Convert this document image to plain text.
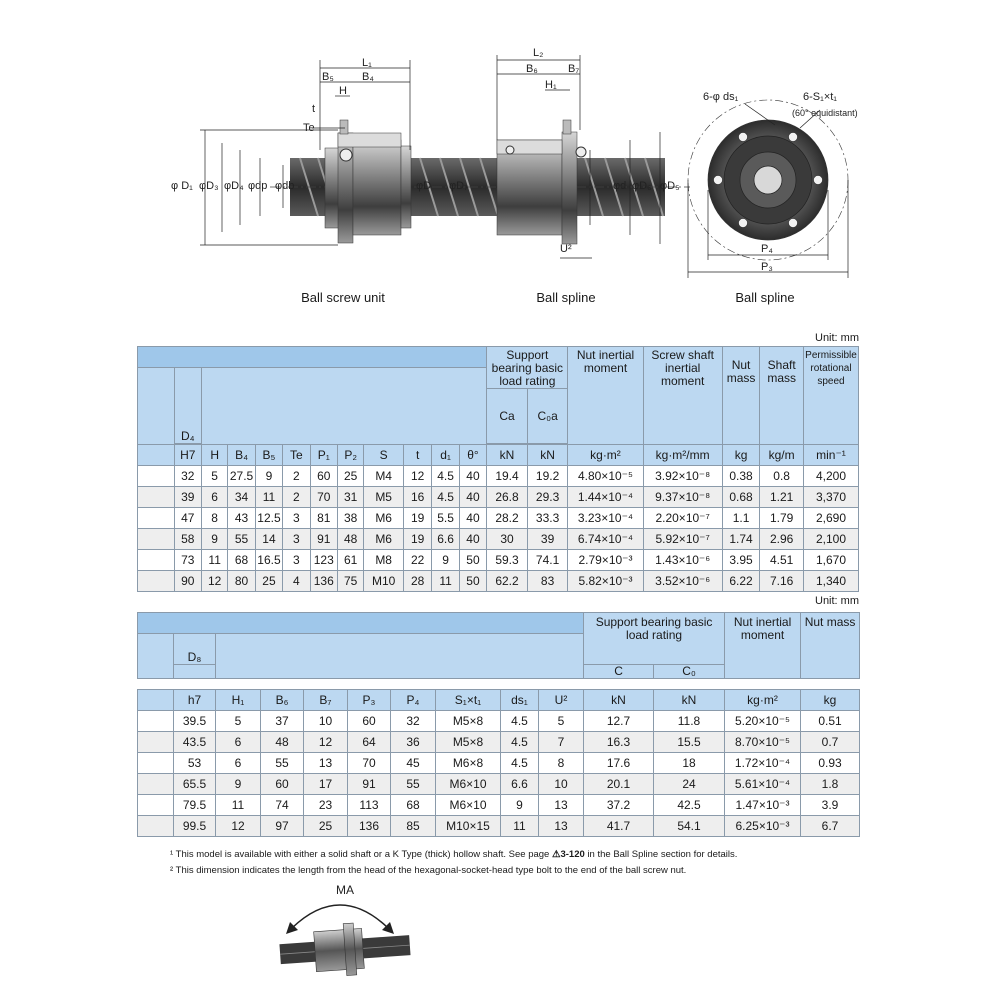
L₁
B₅	B₄
H
t
Te
φ D₁ φD₃ φD₄ φdp φdb	φD
L₂
B₆	B₇
H₁
φD₇	φd φD₆ φD₅
U²
6-φ ds₁	6-S₁×t₁
(60° equidistant)
P₄
P₃
Ball screw unit	Ball spline	Ball spline
Unit: mm
			Support bearing basic load rating		Nut inertial moment	Screw shaft inertial moment	Nut mass	Shaft mass	Permissible rotational speed
	D₄								
			Ca	C₀a					

	H7	H	B₄	B₅	Te	P₁	P₂	S	t	d₁	θ°	kN	kN	kg·m²	kg·m²/mm	kg	kg/m	min⁻¹
	32	5	27.5	9	2	60	25	M4	12	4.5	40	19.4	19.2	4.80×10⁻⁵	3.92×10⁻⁸	0.38	0.8	4,200
	39	6	34	11	2	70	31	M5	16	4.5	40	26.8	29.3	1.44×10⁻⁴	9.37×10⁻⁸	0.68	1.21	3,370
	47	8	43	12.5	3	81	38	M6	19	5.5	40	28.2	33.3	3.23×10⁻⁴	2.20×10⁻⁷	1.1	1.79	2,690
	58	9	55	14	3	91	48	M6	19	6.6	40	30	39	6.74×10⁻⁴	5.92×10⁻⁷	1.74	2.96	2,100
	73	11	68	16.5	3	123	61	M8	22	9	50	59.3	74.1	2.79×10⁻³	1.43×10⁻⁶	3.95	4.51	1,670
	90	12	80	25	4	136	75	M10	28	11	50	62.2	83	5.82×10⁻³	3.52×10⁻⁶	6.22	7.16	1,340
Unit: mm
			Support bearing basic load rating		Nut inertial moment	Nut mass
	D₈					
			C	C₀		
	h7	H₁	B₆	B₇	P₃	P₄	S₁×t₁	ds₁	U²	kN	kN	kg·m²	kg
	39.5	5	37	10	60	32	M5×8	4.5	5	12.7	11.8	5.20×10⁻⁵	0.51
	43.5	6	48	12	64	36	M5×8	4.5	7	16.3	15.5	8.70×10⁻⁵	0.7
	53	6	55	13	70	45	M6×8	4.5	8	17.6	18	1.72×10⁻⁴	0.93
	65.5	9	60	17	91	55	M6×10	6.6	10	20.1	24	5.61×10⁻⁴	1.8
	79.5	11	74	23	113	68	M6×10	9	13	37.2	42.5	1.47×10⁻³	3.9
	99.5	12	97	25	136	85	M10×15	11	13	41.7	54.1	6.25×10⁻³	6.7
¹ This model is available with either a solid shaft or a K Type (thick) hollow shaft. See page ⚠3-120 in the Ball Spline section for details.
² This dimension indicates the length from the head of the hexagonal-socket-head type bolt to the end of the ball screw nut.
MA
